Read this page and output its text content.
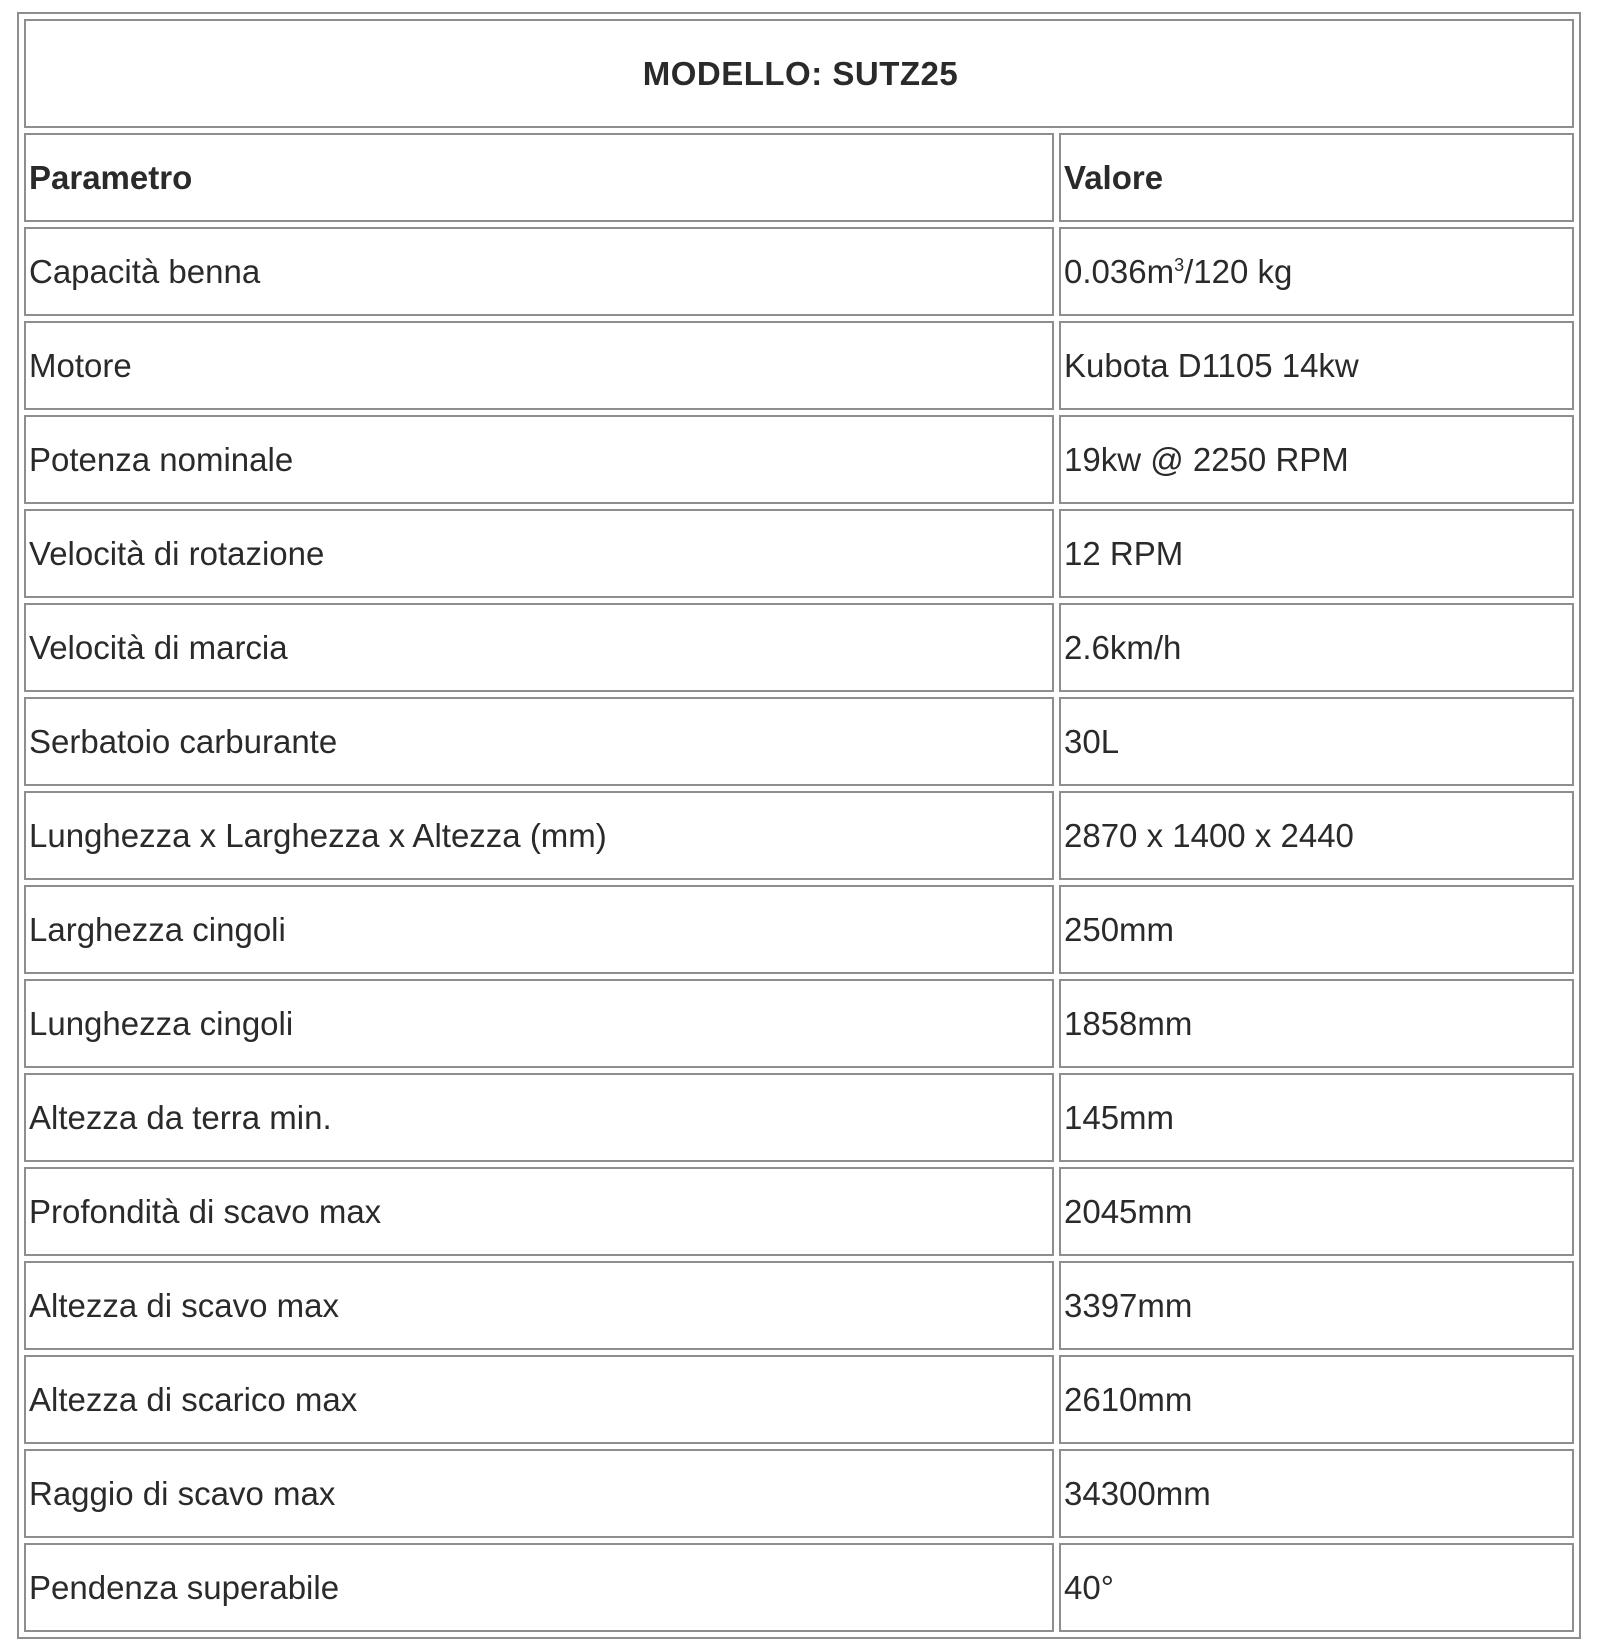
MODELLO: SUTZ25	
Parametro	Valore
Capacità benna	$0.036m^3/120$ kg
Motore	Kubota D1105 14kw
Potenza nominale	19kw @ 2250 RPM
Velocità di rotazione	12 RPM
Velocità di marcia	2.6km/h
Serbatoio carburante	30L
Lunghezza x Larghezza x Altezza (mm)	2870 x 1400 x 2440
Larghezza cingoli	250mm
Lunghezza cingoli	1858mm
Altezza da terra min.	145mm
Profondità di scavo max	2045mm
Altezza di scavo max	3397mm
Altezza di scarico max	2610mm
Raggio di scavo max	34300mm
Pendenza superabile	40°
